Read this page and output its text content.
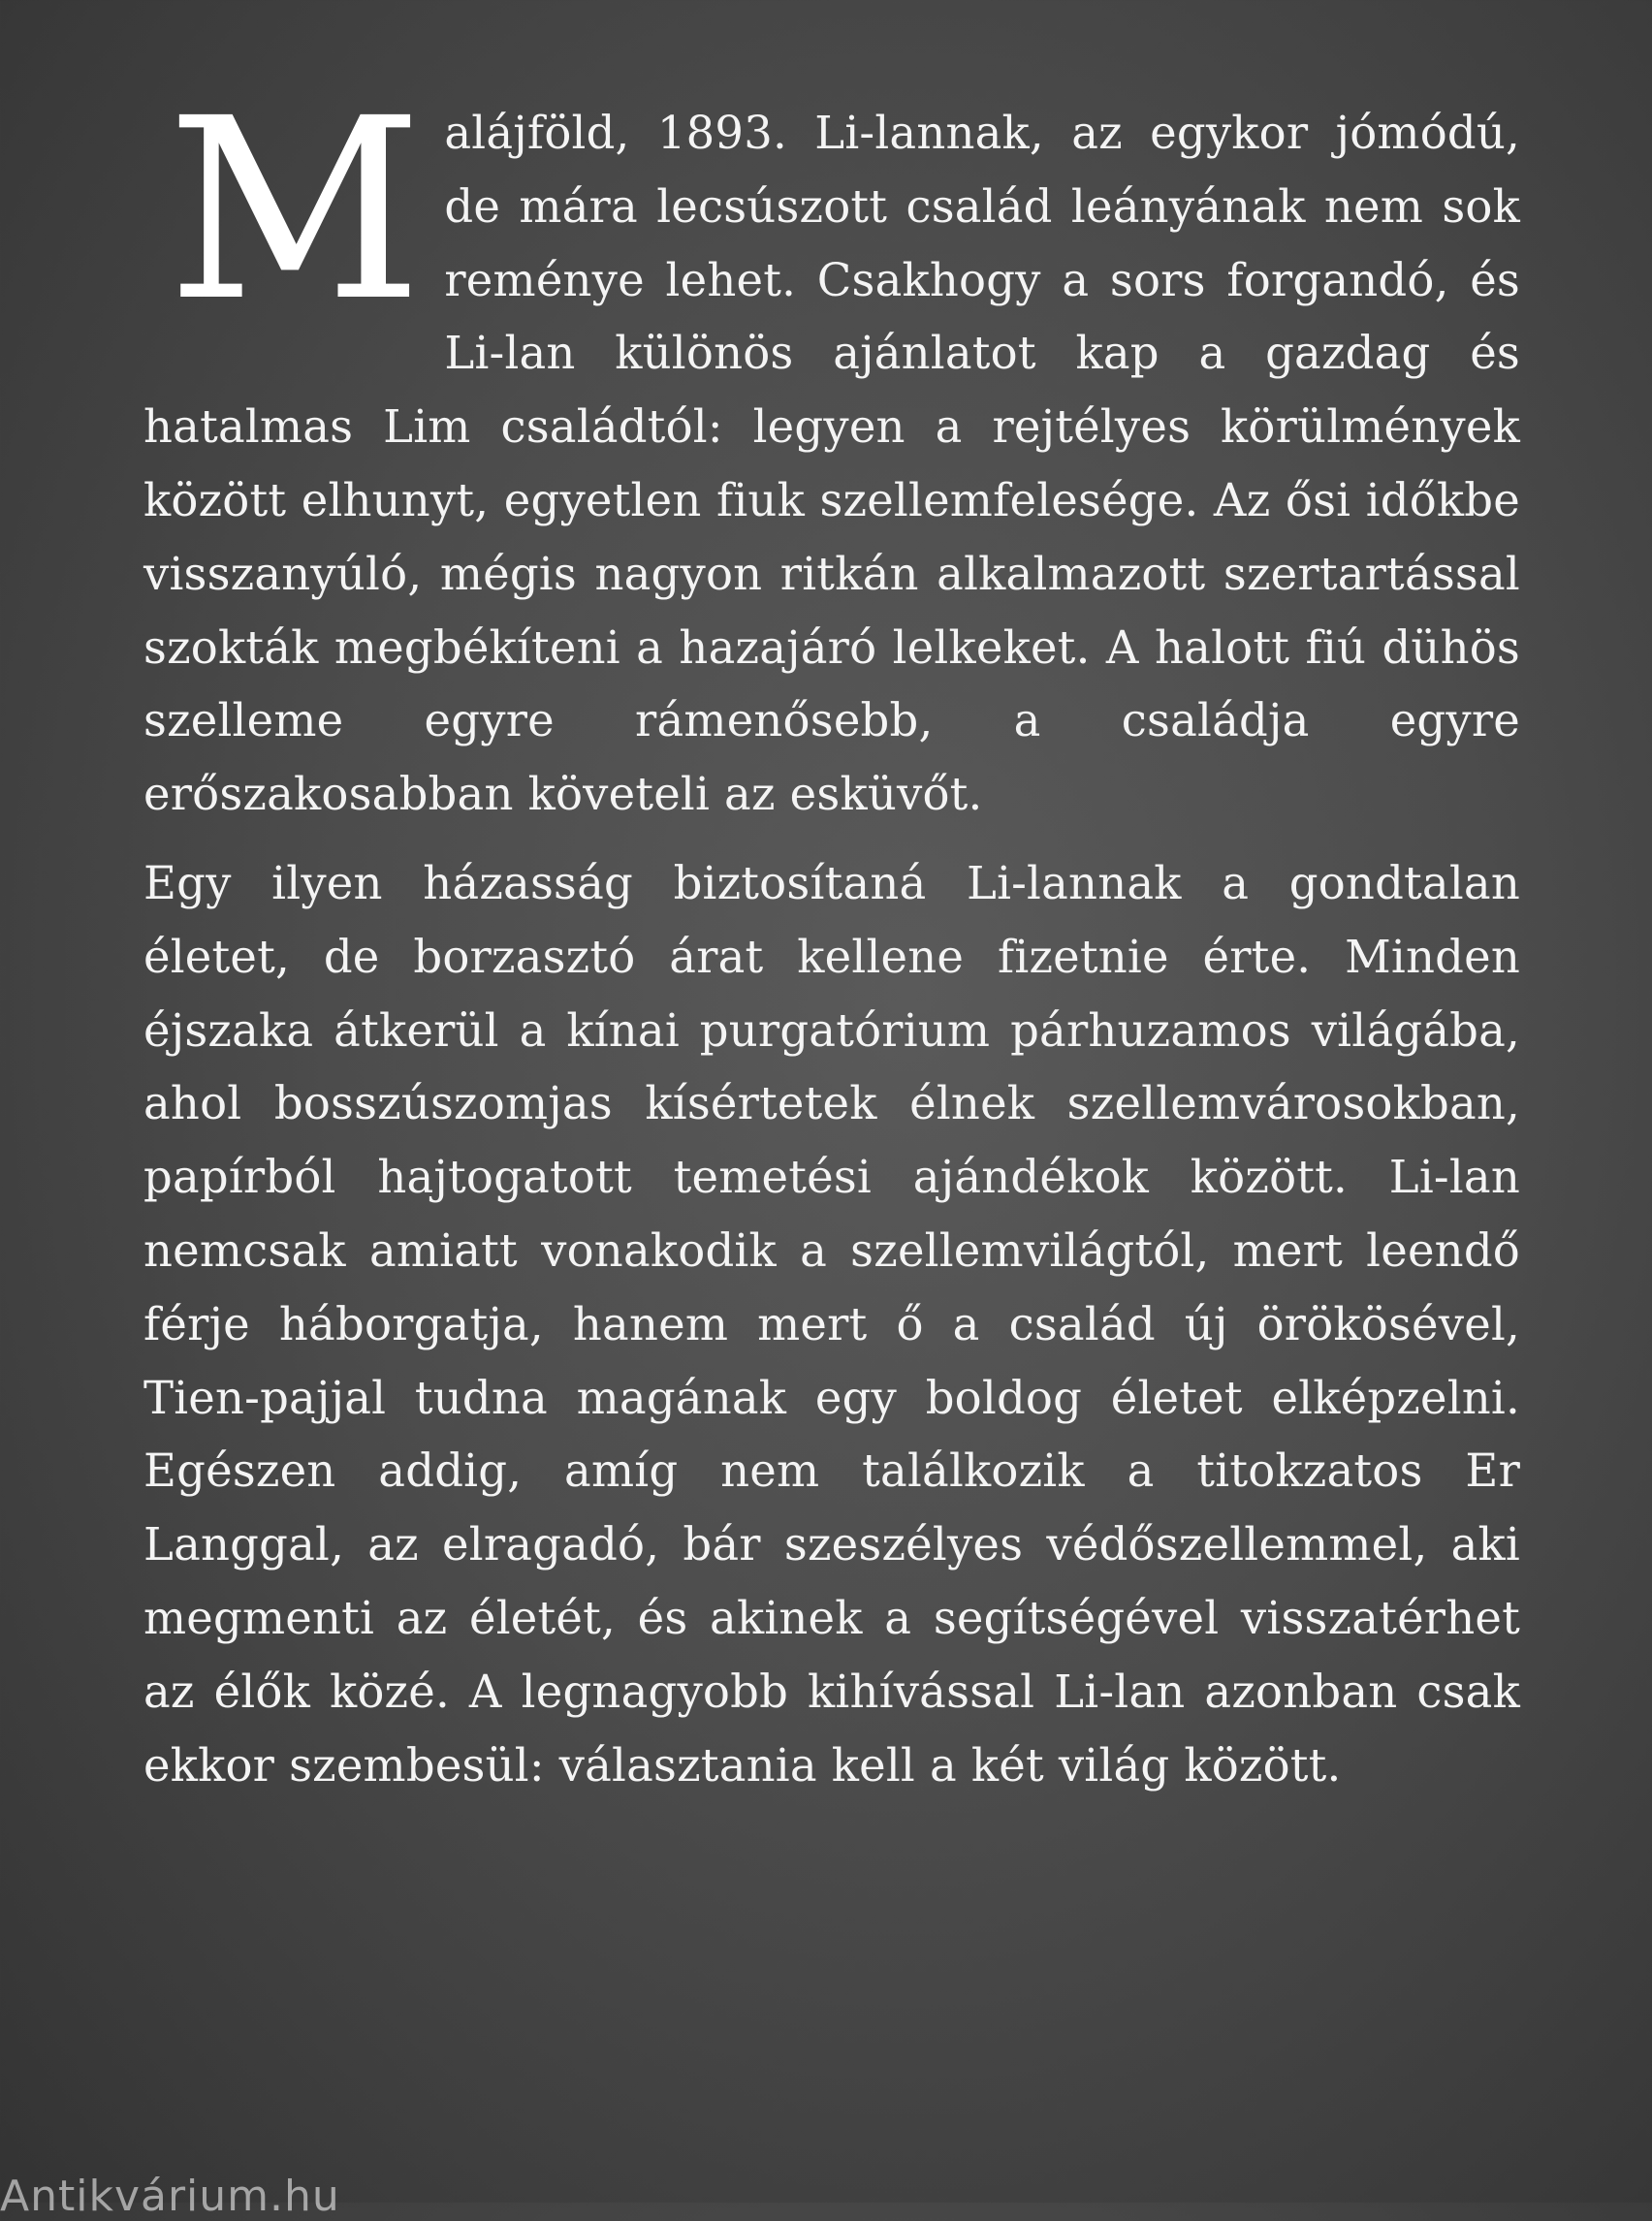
Malájföld, 1893. Li-lannak, az egykor jómódú, de mára lecsúszott család leányának nem sok reménye lehet. Csakhogy a sors forgandó, és Li-lan különös ajánlatot kap a gazdag és hatalmas Lim családtól: legyen a rejtélyes körülmények között elhunyt, egyetlen fiuk szellemfelesége. Az ősi időkbe visszanyúló, mégis nagyon ritkán alkalmazott szertartással szokták megbékíteni a hazajáró lelkeket. A halott fiú dühös szelleme egyre rámenősebb, a családja egyre erőszakosabban követeli az esküvőt.

Egy ilyen házasság biztosítaná Li-lannak a gondtalan életet, de borzasztó árat kellene fizetnie érte. Minden éjszaka átkerül a kínai purgatórium párhuzamos világába, ahol bosszúszomjas kísértetek élnek szellemvárosokban, papírból hajtogatott temetési ajándékok között. Li-lan nemcsak amiatt vonakodik a szellemvilágtól, mert leendő férje háborgatja, hanem mert ő a család új örökösével, Tien-pajjal tudna magának egy boldog életet elképzelni. Egészen addig, amíg nem találkozik a titokzatos Er Langgal, az elragadó, bár szeszélyes védőszellemmel, aki megmenti az életét, és akinek a segítségével visszatérhet az élők közé. A legnagyobb kihívással Li-lan azonban csak ekkor szembesül: választania kell a két világ között.

Antikvárium.hu
